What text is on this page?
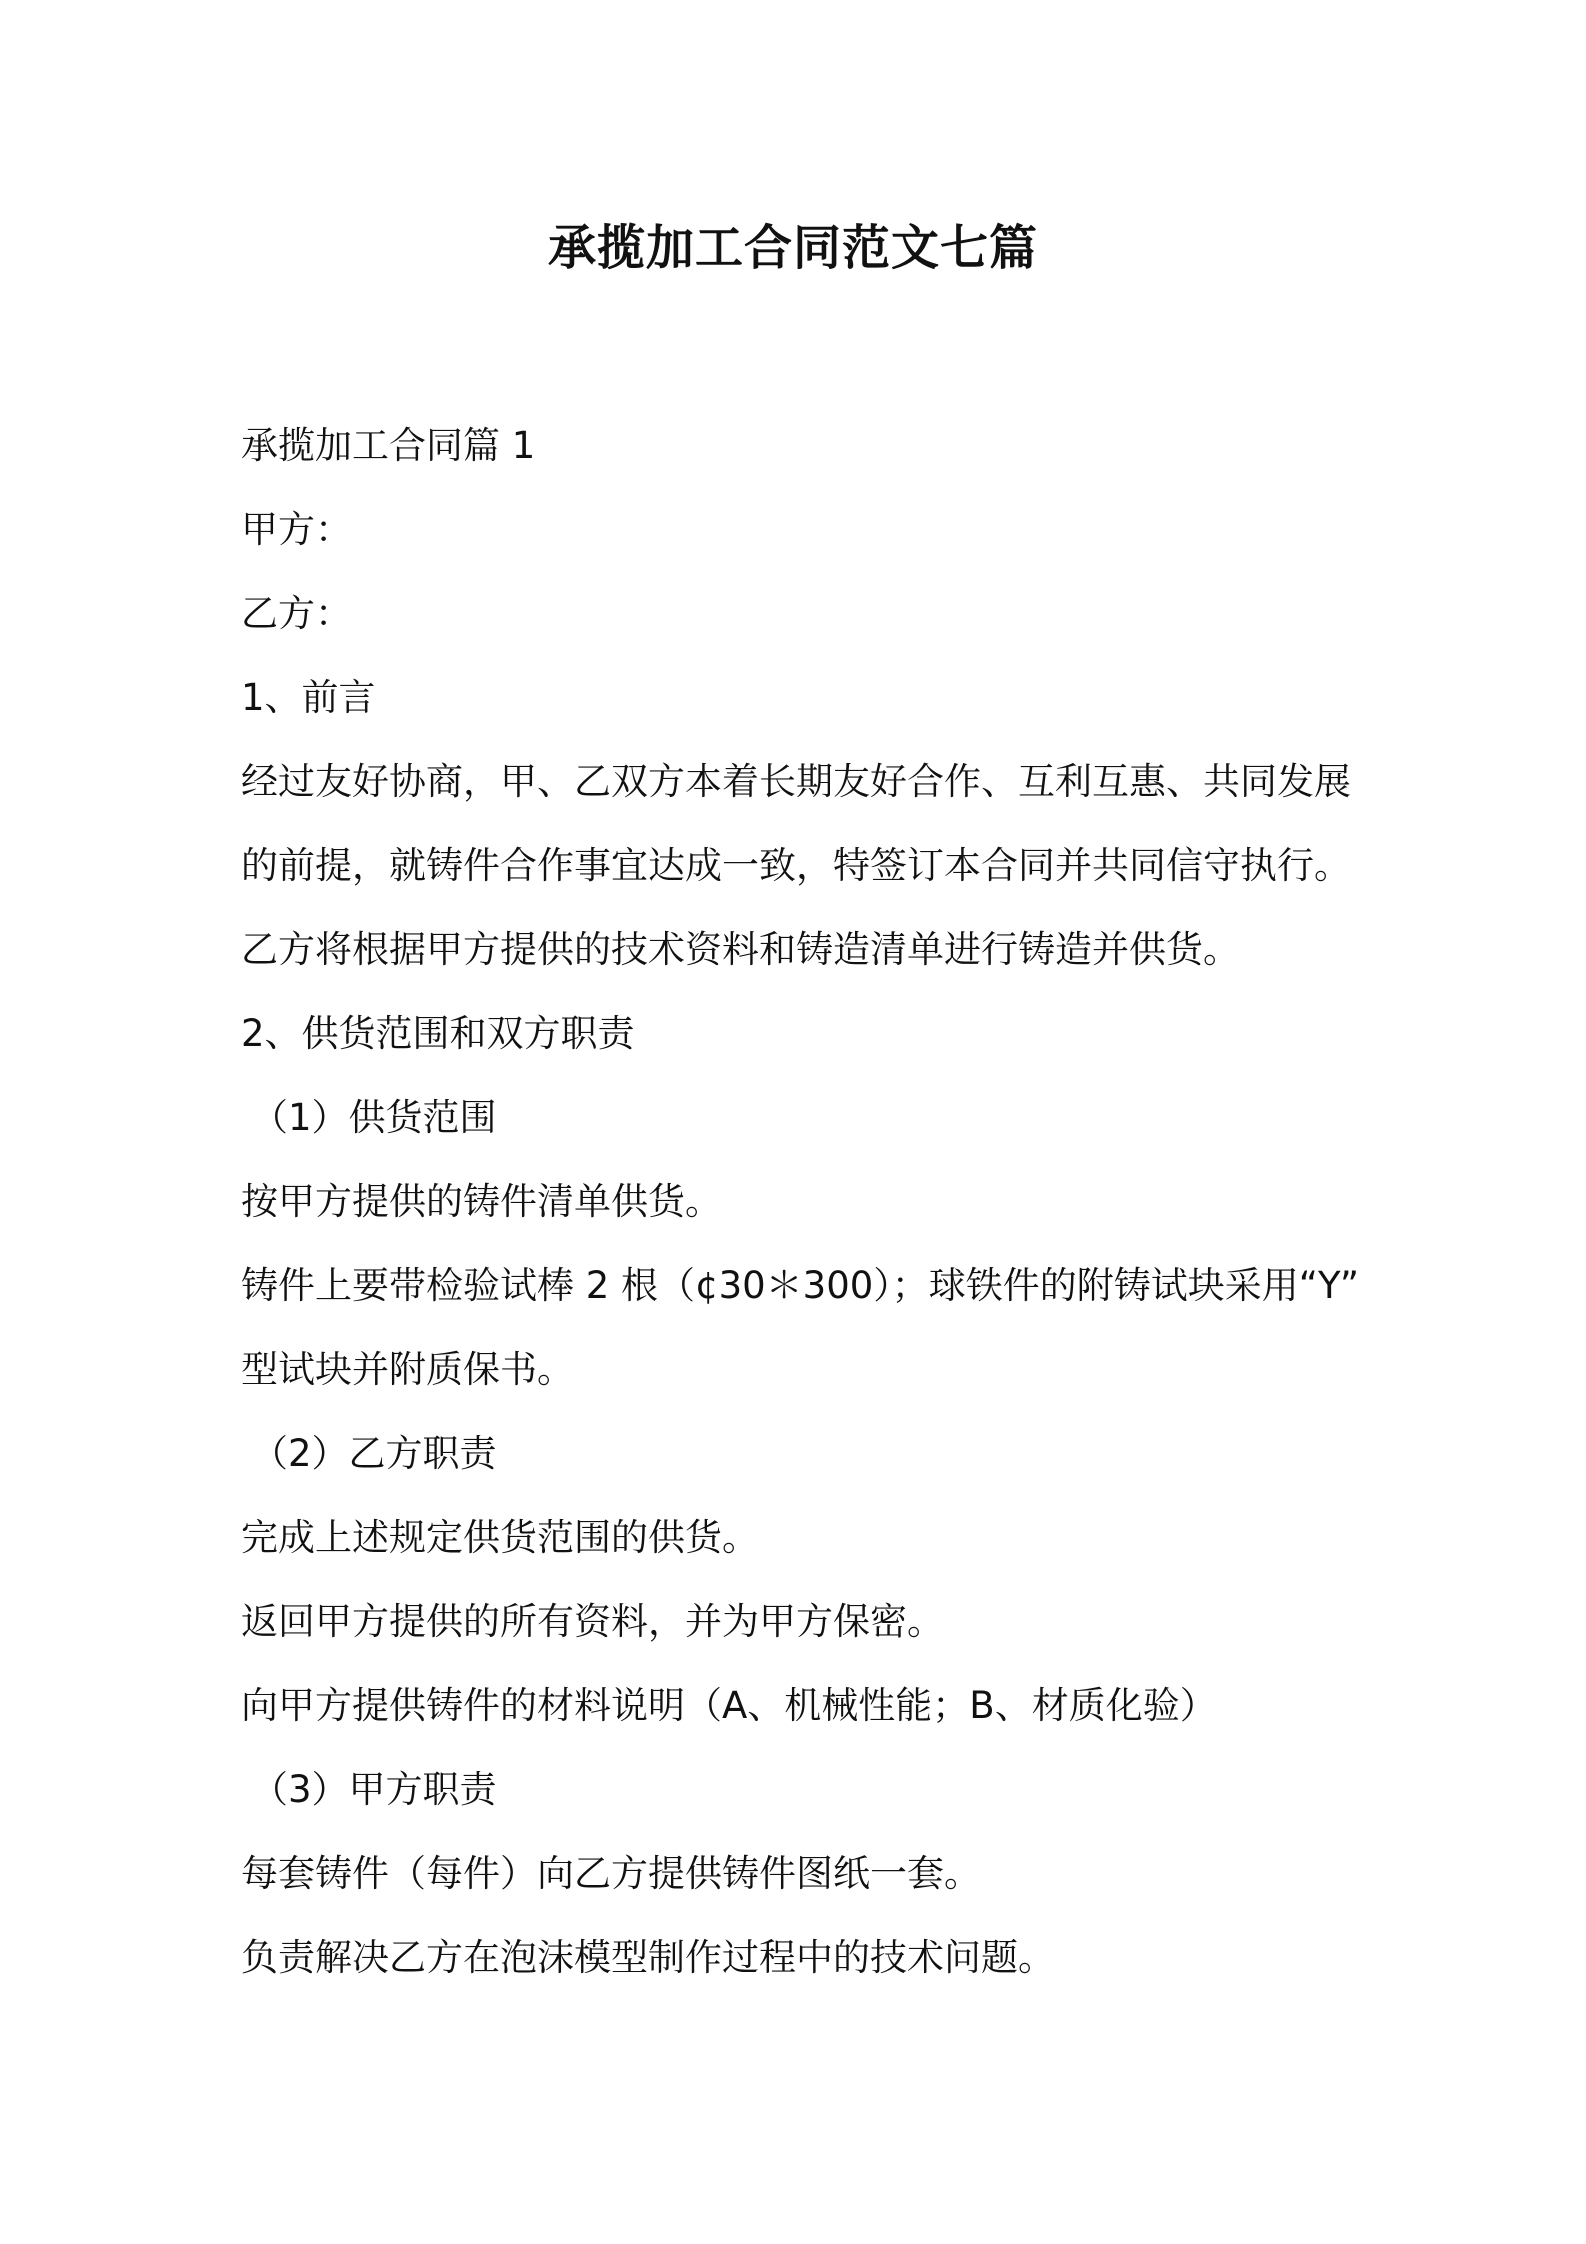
承揽加工合同范文七篇
承揽加工合同篇 1
甲方：
乙方：
1、前言
经过友好协商，甲、乙双方本着长期友好合作、互利互惠、共同发展
的前提，就铸件合作事宜达成一致，特签订本合同并共同信守执行。
乙方将根据甲方提供的技术资料和铸造清单进行铸造并供货。
2、供货范围和双方职责
（1）供货范围
按甲方提供的铸件清单供货。
铸件上要带检验试棒 2 根（¢30＊300）；球铁件的附铸试块采用“Y”
型试块并附质保书。
（2）乙方职责
完成上述规定供货范围的供货。
返回甲方提供的所有资料，并为甲方保密。
向甲方提供铸件的材料说明（A、机械性能；B、材质化验）
（3）甲方职责
每套铸件（每件）向乙方提供铸件图纸一套。
负责解决乙方在泡沫模型制作过程中的技术问题。
